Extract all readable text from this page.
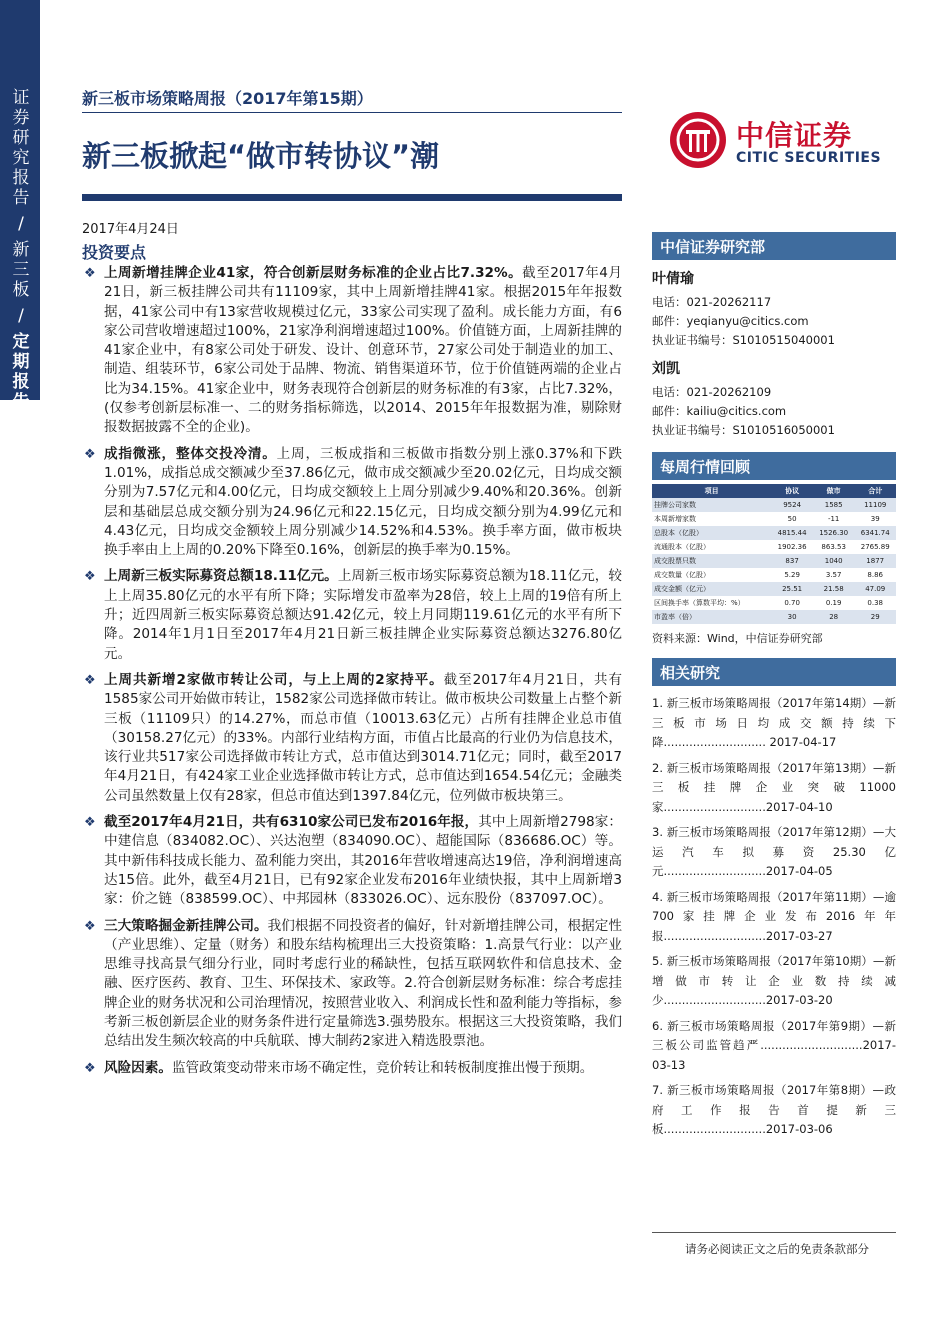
证券研究报告
/
新三板
/
定期报告
新三板市场策略周报（2017年第15期）
新三板掀起“做市转协议”潮
中信证券
CITIC SECURITIES
2017年4月24日
投资要点
❖ 上周新增挂牌企业41家，符合创新层财务标准的企业占比7.32%。截至2017年4月21日，新三板挂牌公司共有11109家，其中上周新增挂牌41家。根据2015年年报数据，41家公司中有13家营收规模过亿元，33家公司实现了盈利。成长能力方面，有6家公司营收增速超过100%，21家净利润增速超过100%。价值链方面，上周新挂牌的41家企业中，有8家公司处于研发、设计、创意环节，27家公司处于制造业的加工、制造、组装环节，6家公司处于品牌、物流、销售渠道环节，位于价值链两端的企业占比为34.15%。41家企业中，财务表现符合创新层的财务标准的有3家，占比7.32%，(仅参考创新层标准一、二的财务指标筛选，以2014、2015年年报数据为准，剔除财报数据披露不全的企业)。
❖ 成指微涨，整体交投冷清。上周，三板成指和三板做市指数分别上涨0.37%和下跌1.01%，成指总成交额减少至37.86亿元，做市成交额减少至20.02亿元，日均成交额分别为7.57亿元和4.00亿元，日均成交额较上上周分别减少9.40%和20.36%。创新层和基础层总成交额分别为24.96亿元和22.15亿元，日均成交额分别为4.99亿元和4.43亿元，日均成交金额较上周分别减少14.52%和4.53%。换手率方面，做市板块换手率由上上周的0.20%下降至0.16%，创新层的换手率为0.15%。
❖ 上周新三板实际募资总额18.11亿元。上周新三板市场实际募资总额为18.11亿元，较上上周35.80亿元的水平有所下降；实际增发市盈率为28倍，较上上周的19倍有所上升；近四周新三板实际募资总额达91.42亿元，较上月同期119.61亿元的水平有所下降。2014年1月1日至2017年4月21日新三板挂牌企业实际募资总额达3276.80亿元。
❖ 上周共新增2家做市转让公司，与上上周的2家持平。截至2017年4月21日，共有1585家公司开始做市转让，1582家公司选择做市转让。做市板块公司数量上占整个新三板（11109只）的14.27%，而总市值（10013.63亿元）占所有挂牌企业总市值（30158.27亿元）的33%。内部行业结构方面，市值占比最高的行业仍为信息技术，该行业共517家公司选择做市转让方式，总市值达到3014.71亿元；同时，截至2017年4月21日，有424家工业企业选择做市转让方式，总市值达到1654.54亿元；金融类公司虽然数量上仅有28家，但总市值达到1397.84亿元，位列做市板块第三。
❖ 截至2017年4月21日，共有6310家公司已发布2016年报，其中上周新增2798家：中建信息（834082.OC）、兴达泡塑（834090.OC）、超能国际（836686.OC）等。其中新伟科技成长能力、盈利能力突出，其2016年营收增速高达19倍，净利润增速高达15倍。此外，截至4月21日，已有92家企业发布2016年业绩快报，其中上周新增3家：价之链（838599.OC）、中邦园林（833026.OC）、远东股份（837097.OC）。
❖ 三大策略掘金新挂牌公司。我们根据不同投资者的偏好，针对新增挂牌公司，根据定性（产业思维）、定量（财务）和股东结构梳理出三大投资策略：1.高景气行业：以产业思维寻找高景气细分行业，同时考虑行业的稀缺性，包括互联网软件和信息技术、金融、医疗医药、教育、卫生、环保技术、家政等。2.符合创新层财务标准：综合考虑挂牌企业的财务状况和公司治理情况，按照营业收入、利润成长性和盈利能力等指标，参考新三板创新层企业的财务条件进行定量筛选3.强势股东。根据这三大投资策略，我们总结出发生频次较高的中兵航联、博大制药2家进入精选股票池。
❖ 风险因素。监管政策变动带来市场不确定性，竞价转让和转板制度推出慢于预期。
中信证券研究部
叶倩瑜
电话：021-20262117
邮件：yeqianyu@citics.com
执业证书编号：S1010515040001
刘凯
电话：021-20262109
邮件：kailiu@citics.com
执业证书编号：S1010516050001
每周行情回顾
项目	协议	做市	合计
挂牌公司家数	9524	1585	11109
本周新增家数	50	-11	39
总股本（亿股）	4815.44	1526.30	6341.74
流通股本（亿股）	1902.36	863.53	2765.89
成交股票只数	837	1040	1877
成交数量（亿股）	5.29	3.57	8.86
成交金额（亿元）	25.51	21.58	47.09
区间换手率（算数平均：%）	0.70	0.19	0.38
市盈率（倍）	30	28	29
资料来源：Wind，中信证券研究部
相关研究
1. 新三板市场策略周报（2017年第14期）—新三板市场日均成交额持续下降............................ 2017-04-17
2. 新三板市场策略周报（2017年第13期）—新三板挂牌企业突破11000家............................2017-04-10
3. 新三板市场策略周报（2017年第12期）—大运汽车拟募资25.30亿元............................2017-04-05
4. 新三板市场策略周报（2017年第11期）—逾700家挂牌企业发布2016年年报............................2017-03-27
5. 新三板市场策略周报（2017年第10期）—新增做市转让企业数持续减少............................2017-03-20
6. 新三板市场策略周报（2017年第9期）—新三板公司监管趋严............................2017-03-13
7. 新三板市场策略周报（2017年第8期）—政府工作报告首提新三板............................2017-03-06
请务必阅读正文之后的免责条款部分
